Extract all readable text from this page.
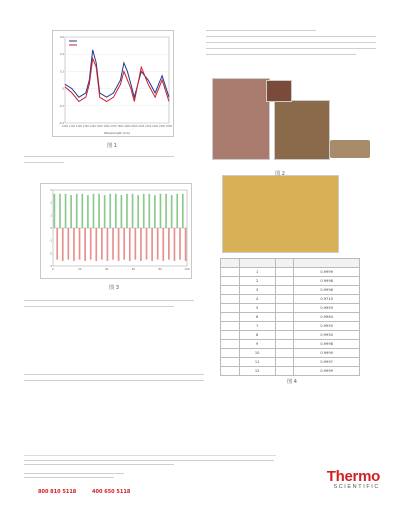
-0.4
-0.2
0
0.2
0.4
0.6
1000 1100 1200 1300 1400 1500 1600 1700 1800 1900 2000 2100 2200 2300 2400 2500
Wavelength (nm)
图 1
-3
-2
-1
0
1
2
3
0	20	40	60	80	100
图 3
图 2

	1		0.9999
	2		0.9998
	3		0.9996
	4		0.9710
	5		0.9959
	6		0.9964
	7		0.9950
	8		0.9950
	9		0.9998
	10		0.9999
	11		0.9997
	12		0.9999
图 4
800 810 5118	400 650 5118
Thermo
SCIENTIFIC
